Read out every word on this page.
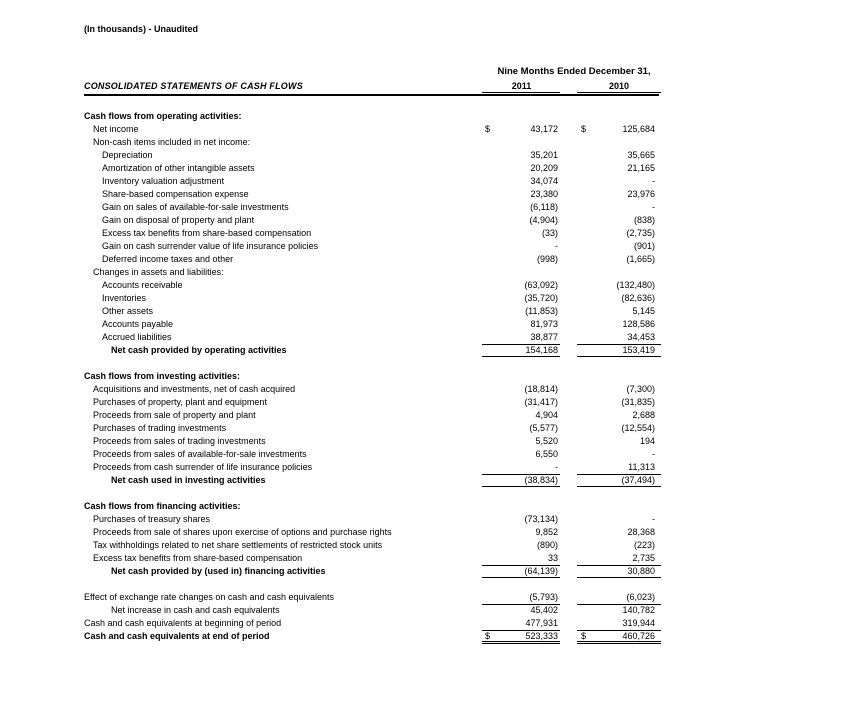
(In thousands) - Unaudited
Nine Months Ended December 31,
CONSOLIDATED STATEMENTS OF CASH FLOWS	2011	2010
Cash flows from operating activities:
Net income	$	43,172	$	125,684
Non-cash items included in net income:
Depreciation	35,201	35,665
Amortization of other intangible assets	20,209	21,165
Inventory valuation adjustment	34,074	-
Share-based compensation expense	23,380	23,976
Gain on sales of available-for-sale investments	(6,118)	-
Gain on disposal of property and plant	(4,904)	(838)
Excess tax benefits from share-based compensation	(33)	(2,735)
Gain on cash surrender value of life insurance policies	-	(901)
Deferred income taxes and other	(998)	(1,665)
Changes in assets and liabilities:
Accounts receivable	(63,092)	(132,480)
Inventories	(35,720)	(82,636)
Other assets	(11,853)	5,145
Accounts payable	81,973	128,586
Accrued liabilities	38,877	34,453
Net cash provided by operating activities	154,168	153,419
Cash flows from investing activities:
Acquisitions and investments, net of cash acquired	(18,814)	(7,300)
Purchases of property, plant and equipment	(31,417)	(31,835)
Proceeds from sale of property and plant	4,904	2,688
Purchases of trading investments	(5,577)	(12,554)
Proceeds from sales of trading investments	5,520	194
Proceeds from sales of available-for-sale investments	6,550	-
Proceeds from cash surrender of life insurance policies	-	11,313
Net cash used in investing activities	(38,834)	(37,494)
Cash flows from financing activities:
Purchases of treasury shares	(73,134)	-
Proceeds from sale of shares upon exercise of options and purchase rights	9,852	28,368
Tax withholdings related to net share settlements of restricted stock units	(890)	(223)
Excess tax benefits from share-based compensation	33	2,735
Net cash provided by (used in) financing activities	(64,139)	30,880
Effect of exchange rate changes on cash and cash equivalents	(5,793)	(6,023)
Net increase in cash and cash equivalents	45,402	140,782
Cash and cash equivalents at beginning of period	477,931	319,944
Cash and cash equivalents at end of period	$	523,333	$	460,726
